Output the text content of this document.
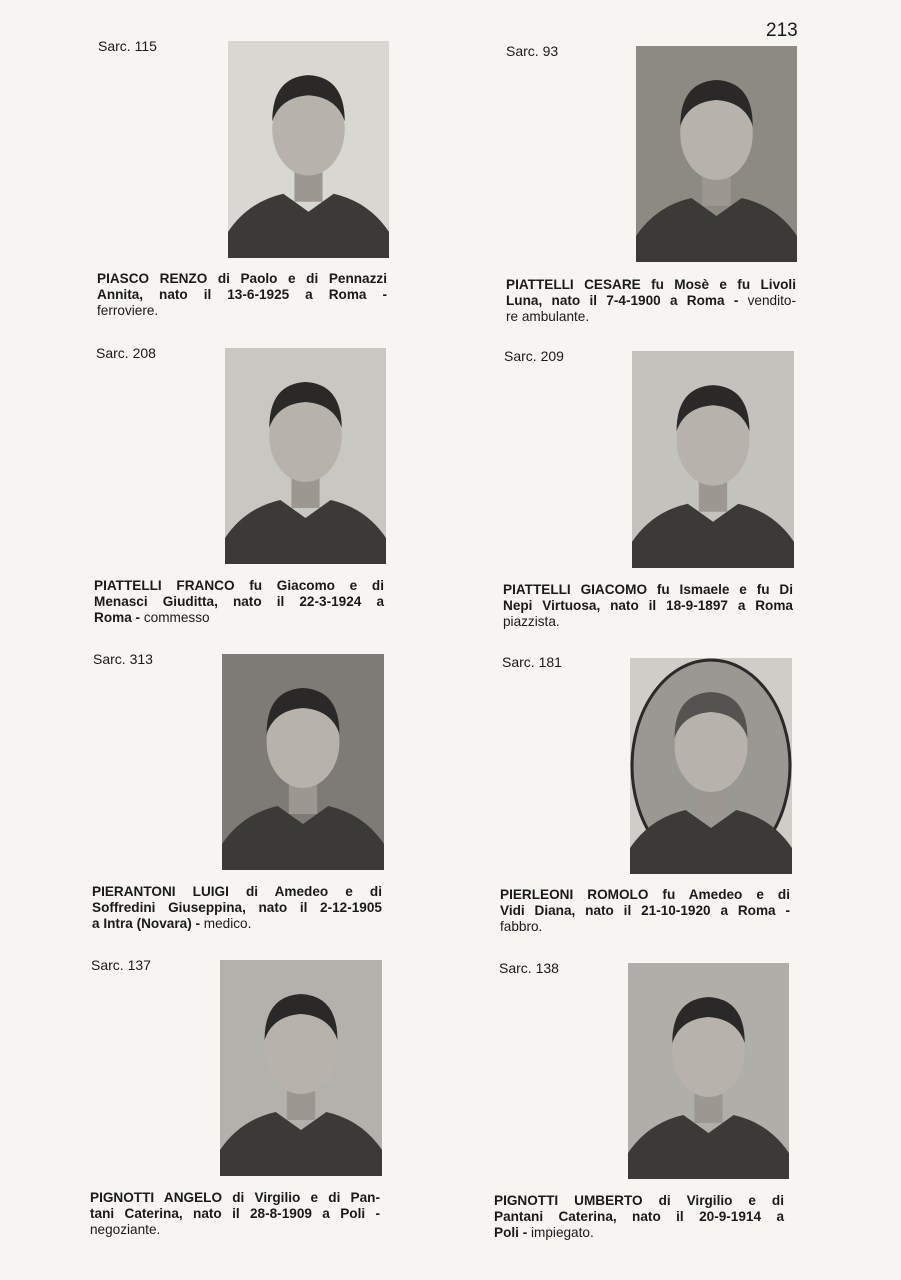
213
Sarc. 115
PIASCO RENZO di Paolo e di Pennazzi
Annita, nato il 13-6-1925 a Roma -
ferroviere.
Sarc. 93
PIATTELLI CESARE fu Mosè e fu Livoli
Luna, nato il 7-4-1900 a Roma - vendito-
re ambulante.
Sarc. 208
PIATTELLI FRANCO fu Giacomo e di
Menasci Giuditta, nato il 22-3-1924 a
Roma - commesso
Sarc. 209
PIATTELLI GIACOMO fu Ismaele e fu Di
Nepi Virtuosa, nato il 18-9-1897 a Roma
piazzista.
Sarc. 313
PIERANTONI LUIGI di Amedeo e di
Soffredini Giuseppina, nato il 2-12-1905
a Intra (Novara) - medico.
Sarc. 181
PIERLEONI ROMOLO fu Amedeo e di
Vidi Diana, nato il 21-10-1920 a Roma -
fabbro.
Sarc. 137
PIGNOTTI ANGELO di Virgilio e di Pan-
tani Caterina, nato il 28-8-1909 a Poli -
negoziante.
Sarc. 138
PIGNOTTI UMBERTO di Virgilio e di
Pantani Caterina, nato il 20-9-1914 a
Poli - impiegato.
